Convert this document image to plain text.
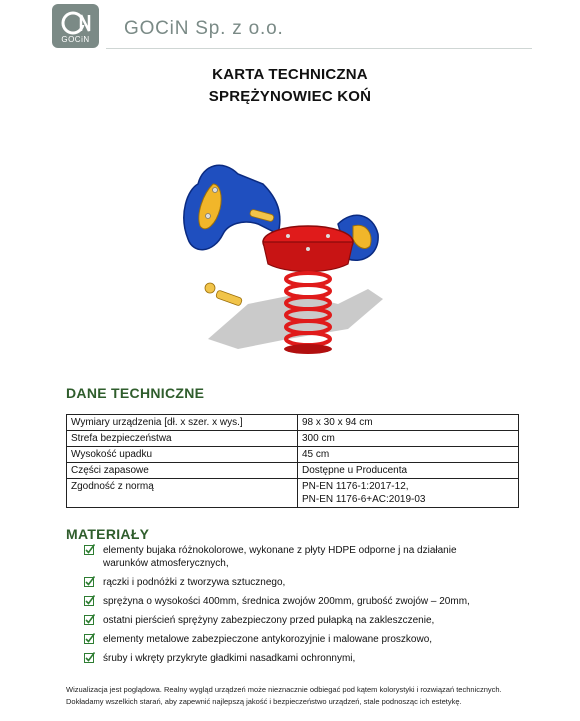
GOCiN GOCiN Sp. z o.o.
KARTA TECHNICZNA
SPRĘŻYNOWIEC KOŃ
DANE TECHNICZNE
Wymiary urządzenia [dł. x szer. x wys.]	98 x 30 x 94 cm
Strefa bezpieczeństwa	300 cm
Wysokość upadku	45 cm
Części zapasowe	Dostępne u Producenta
Zgodność z normą	PN-EN 1176-1:2017-12,
PN-EN 1176-6+AC:2019-03
MATERIAŁY
elementy bujaka różnokolorowe, wykonane z płyty HDPE odporne j na działanie
warunków atmosferycznych,
rączki i podnóżki z tworzywa sztucznego,
sprężyna o wysokości 400mm, średnica zwojów 200mm, grubość zwojów – 20mm,
ostatni pierścień sprężyny zabezpieczony przed pułapką na zakleszczenie,
elementy metalowe zabezpieczone antykorozyjnie i malowane proszkowo,
śruby i wkręty przykryte gładkimi nasadkami ochronnymi,
Wizualizacja jest poglądowa. Realny wygląd urządzeń może nieznacznie odbiegać pod kątem kolorystyki i rozwiązań technicznych.
Dokładamy wszelkich starań, aby zapewnić najlepszą jakość i bezpieczeństwo urządzeń, stale podnosząc ich estetykę.
